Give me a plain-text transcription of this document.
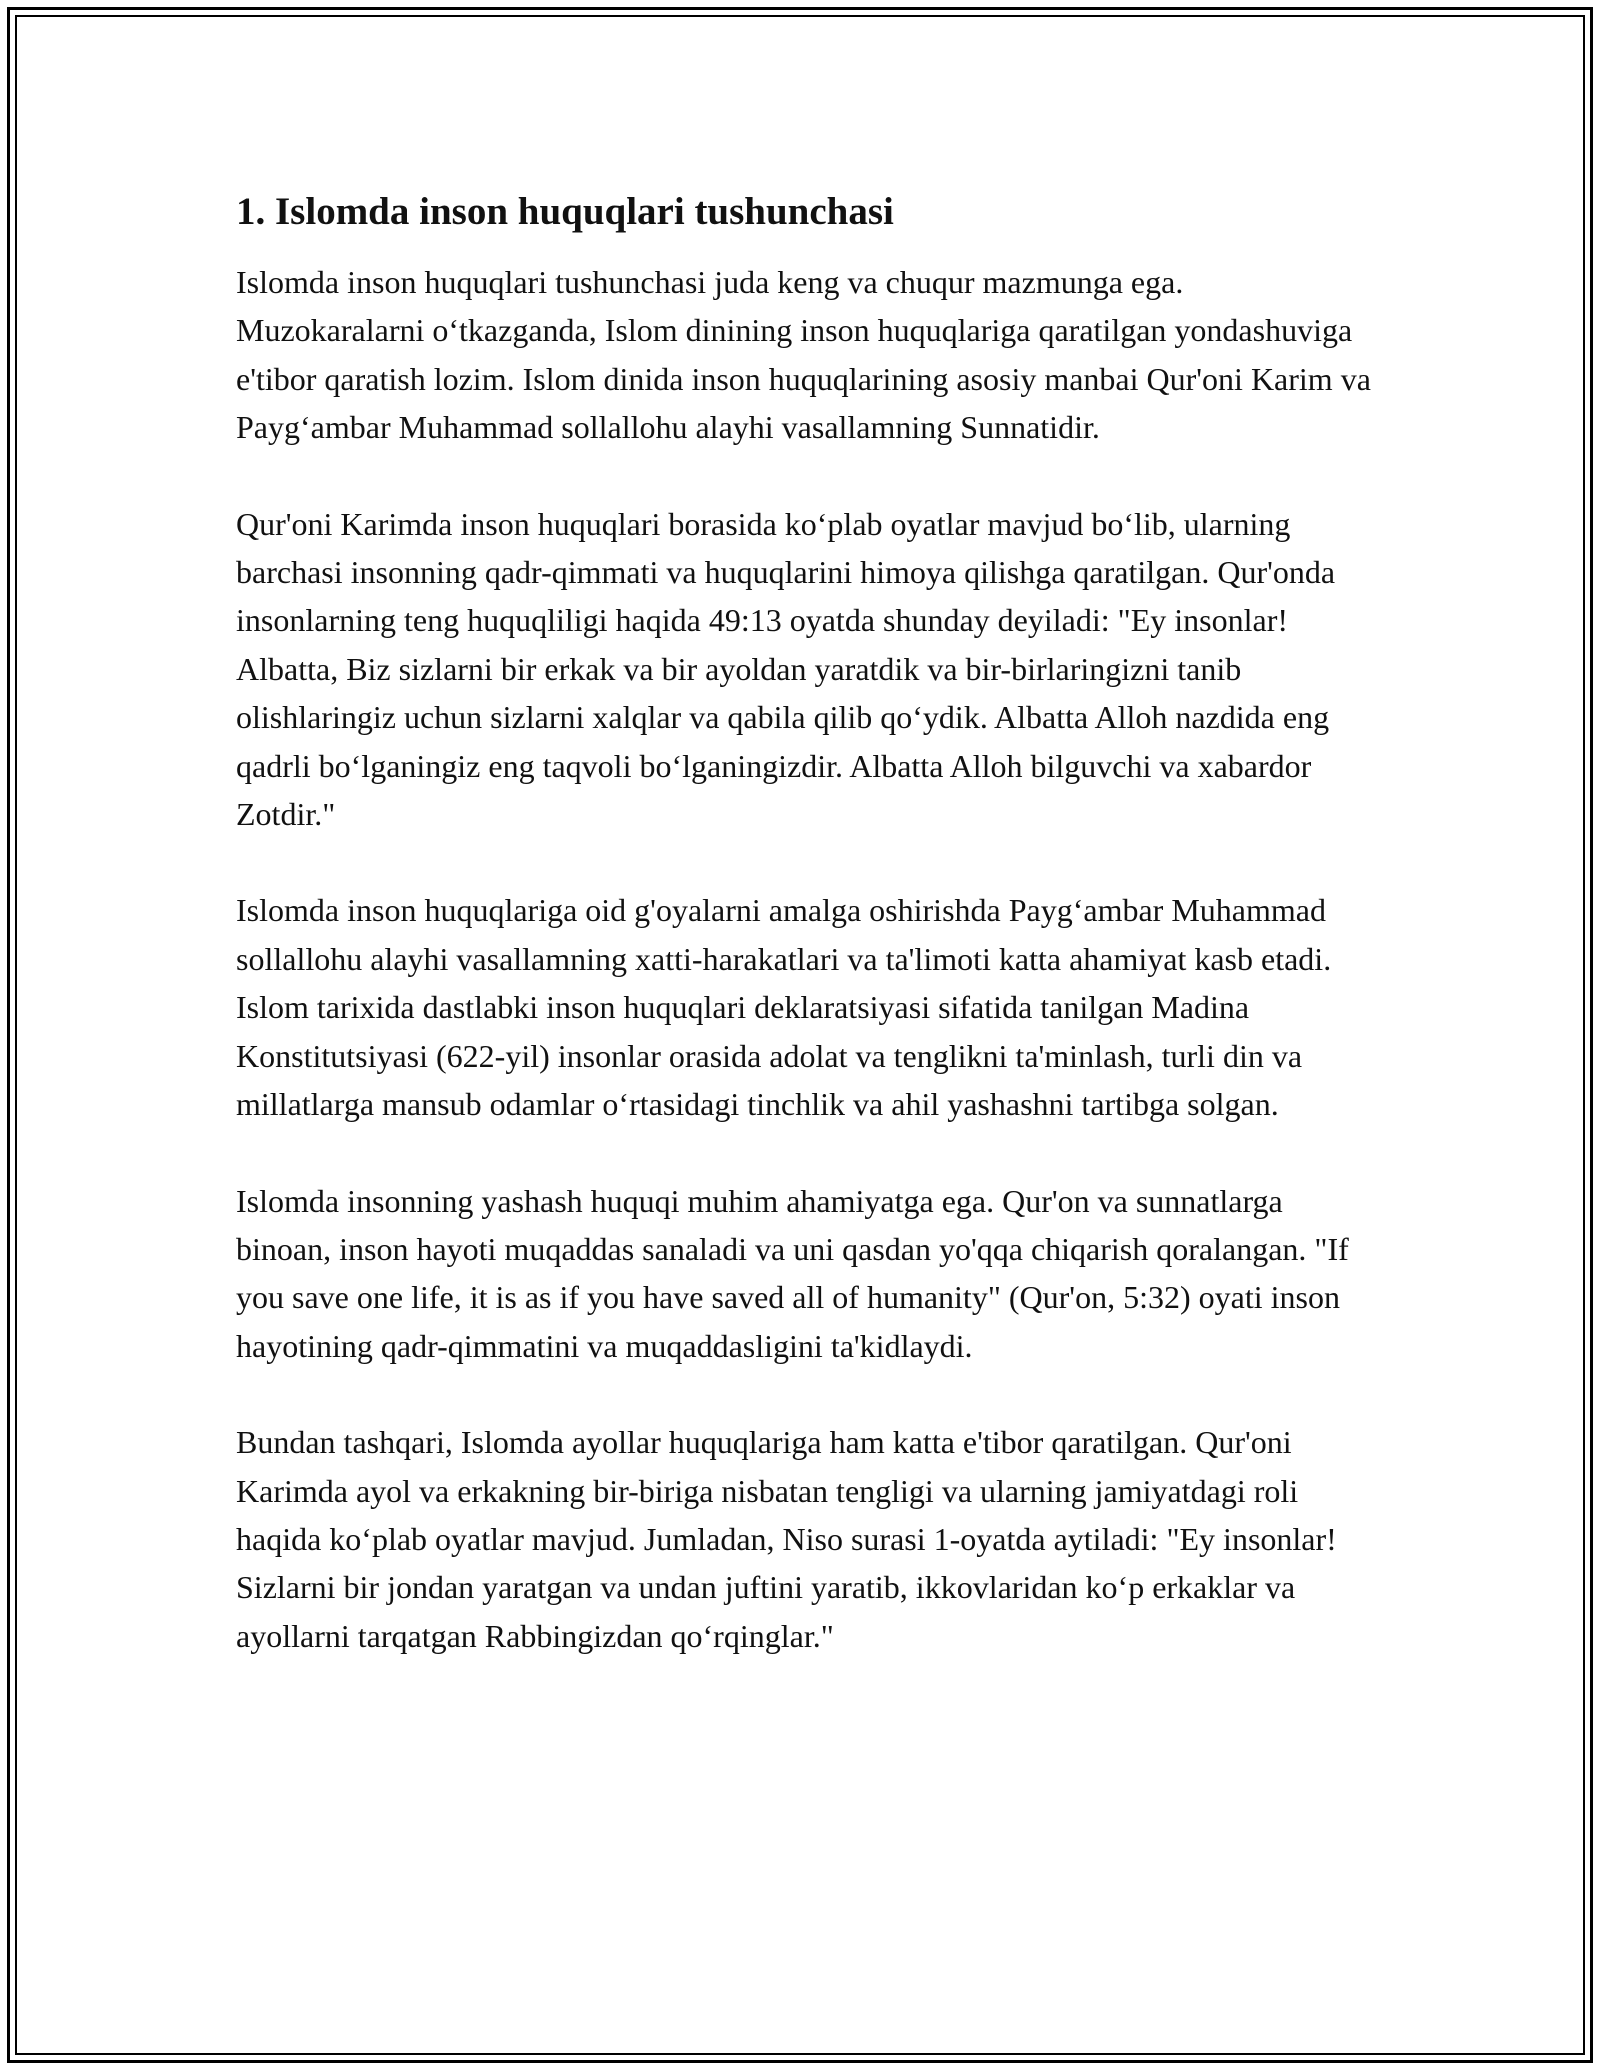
1. Islomda inson huquqlari tushunchasi

Islomda inson huquqlari tushunchasi juda keng va chuqur mazmunga ega. Muzokaralarni o‘tkazganda, Islom dinining inson huquqlariga qaratilgan yondashuviga e'tibor qaratish lozim. Islom dinida inson huquqlarining asosiy manbai Qur'oni Karim va Payg‘ambar Muhammad sollallohu alayhi vasallamning Sunnatidir.

Qur'oni Karimda inson huquqlari borasida ko‘plab oyatlar mavjud bo‘lib, ularning barchasi insonning qadr-qimmati va huquqlarini himoya qilishga qaratilgan. Qur'onda insonlarning teng huquqliligi haqida 49:13 oyatda shunday deyiladi: "Ey insonlar! Albatta, Biz sizlarni bir erkak va bir ayoldan yaratdik va bir-birlaringizni tanib olishlaringiz uchun sizlarni xalqlar va qabila qilib qo‘ydik. Albatta Alloh nazdida eng qadrli bo‘lganingiz eng taqvoli bo‘lganingizdir. Albatta Alloh bilguvchi va xabardor Zotdir."

Islomda inson huquqlariga oid g'oyalarni amalga oshirishda Payg‘ambar Muhammad sollallohu alayhi vasallamning xatti-harakatlari va ta'limoti katta ahamiyat kasb etadi. Islom tarixida dastlabki inson huquqlari deklaratsiyasi sifatida tanilgan Madina Konstitutsiyasi (622-yil) insonlar orasida adolat va tenglikni ta'minlash, turli din va millatlarga mansub odamlar o‘rtasidagi tinchlik va ahil yashashni tartibga solgan.

Islomda insonning yashash huquqi muhim ahamiyatga ega. Qur'on va sunnatlarga binoan, inson hayoti muqaddas sanaladi va uni qasdan yo'qqa chiqarish qoralangan. "If you save one life, it is as if you have saved all of humanity" (Qur'on, 5:32) oyati inson hayotining qadr-qimmatini va muqaddasligini ta'kidlaydi.

Bundan tashqari, Islomda ayollar huquqlariga ham katta e'tibor qaratilgan. Qur'oni Karimda ayol va erkakning bir-biriga nisbatan tengligi va ularning jamiyatdagi roli haqida ko‘plab oyatlar mavjud. Jumladan, Niso surasi 1-oyatda aytiladi: "Ey insonlar! Sizlarni bir jondan yaratgan va undan juftini yaratib, ikkovlaridan ko‘p erkaklar va ayollarni tarqatgan Rabbingizdan qo‘rqinglar."
